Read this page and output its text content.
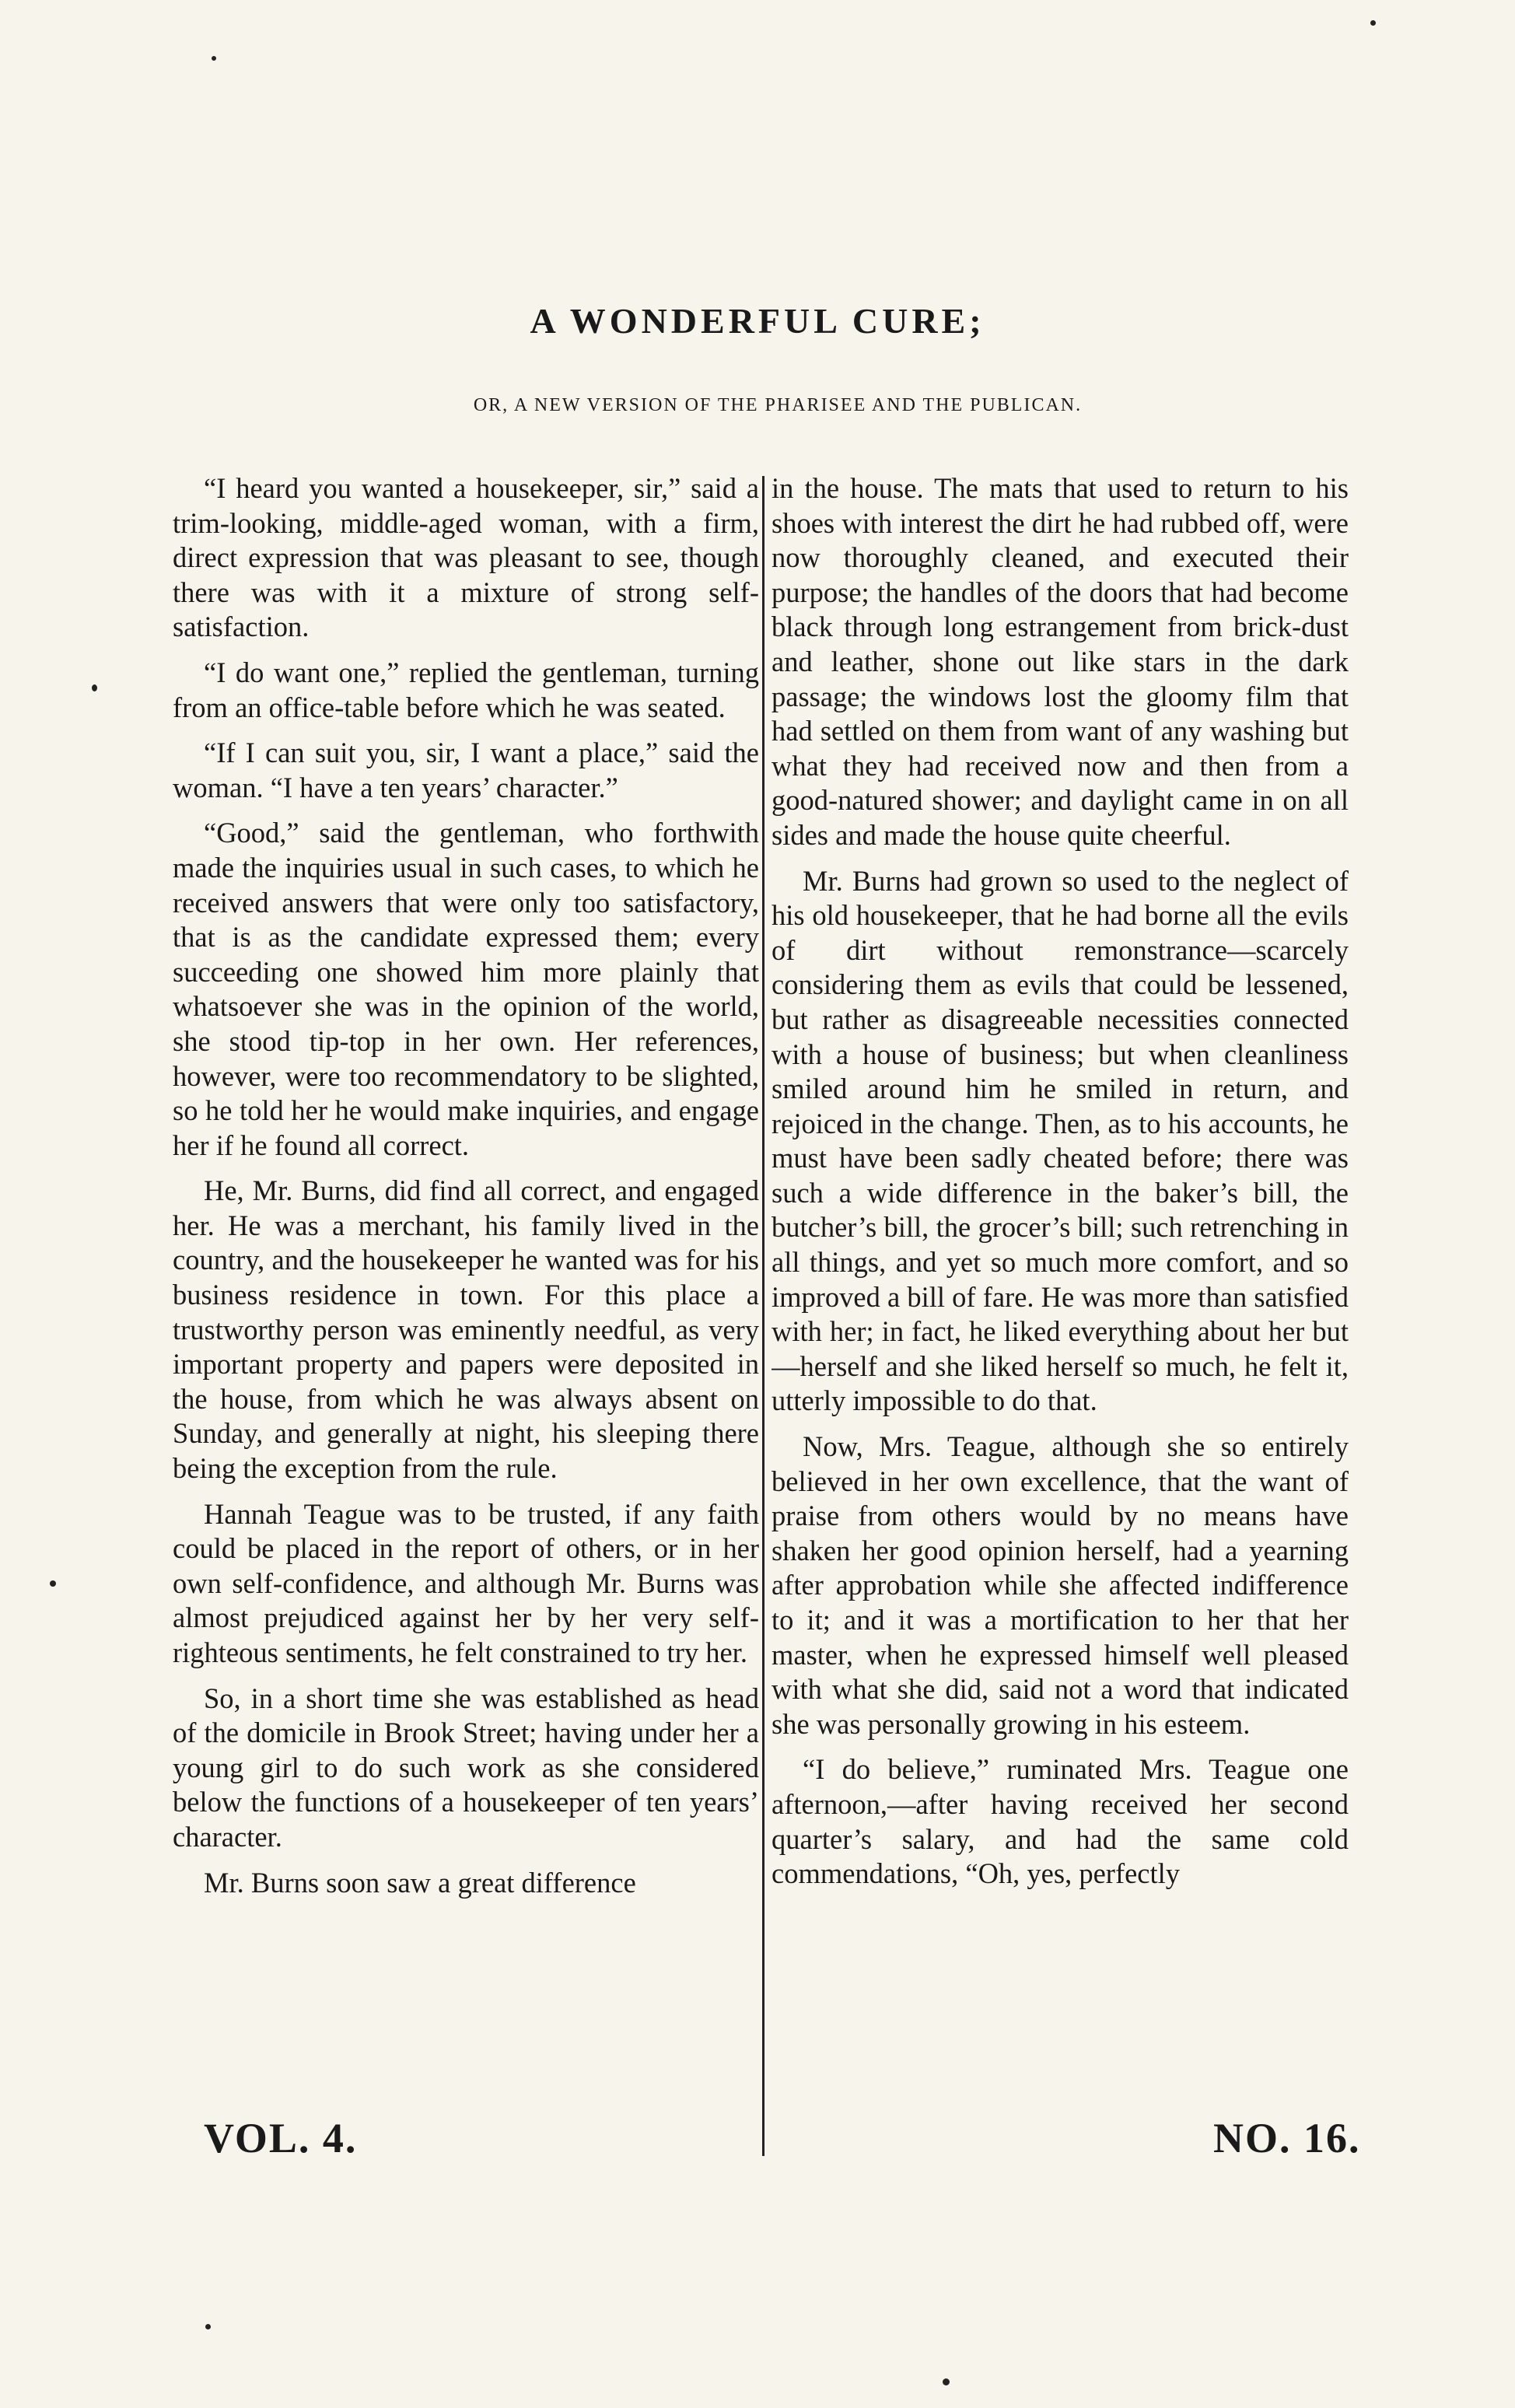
A WONDERFUL CURE;
OR, A NEW VERSION OF THE PHARISEE AND THE PUBLICAN.

“I heard you wanted a housekeeper, sir,” said a trim-looking, middle-aged woman, with a firm, direct expression that was pleasant to see, though there was with it a mixture of strong self-satisfaction.

“I do want one,” replied the gentleman, turning from an office-table before which he was seated.

“If I can suit you, sir, I want a place,” said the woman. “I have a ten years’ character.”

“Good,” said the gentleman, who forthwith made the inquiries usual in such cases, to which he received answers that were only too satisfactory, that is as the candidate expressed them; every succeeding one showed him more plainly that whatsoever she was in the opinion of the world, she stood tip-top in her own. Her references, however, were too recommendatory to be slighted, so he told her he would make inquiries, and engage her if he found all correct.

He, Mr. Burns, did find all correct, and engaged her. He was a merchant, his family lived in the country, and the housekeeper he wanted was for his business residence in town. For this place a trustworthy person was eminently needful, as very important property and papers were deposited in the house, from which he was always absent on Sunday, and generally at night, his sleeping there being the exception from the rule.

Hannah Teague was to be trusted, if any faith could be placed in the report of others, or in her own self-confidence, and although Mr. Burns was almost prejudiced against her by her very self-righteous sentiments, he felt constrained to try her.

So, in a short time she was established as head of the domicile in Brook Street; having under her a young girl to do such work as she considered below the functions of a housekeeper of ten years’ character.

Mr. Burns soon saw a great difference

in the house. The mats that used to return to his shoes with interest the dirt he had rubbed off, were now thoroughly cleaned, and executed their purpose; the handles of the doors that had become black through long estrangement from brick-dust and leather, shone out like stars in the dark passage; the windows lost the gloomy film that had settled on them from want of any washing but what they had received now and then from a good-natured shower; and daylight came in on all sides and made the house quite cheerful.

Mr. Burns had grown so used to the neglect of his old housekeeper, that he had borne all the evils of dirt without remonstrance—scarcely considering them as evils that could be lessened, but rather as disagreeable necessities connected with a house of business; but when cleanliness smiled around him he smiled in return, and rejoiced in the change. Then, as to his accounts, he must have been sadly cheated before; there was such a wide difference in the baker’s bill, the butcher’s bill, the grocer’s bill; such retrenching in all things, and yet so much more comfort, and so improved a bill of fare. He was more than satisfied with her; in fact, he liked everything about her but—herself and she liked herself so much, he felt it, utterly impossible to do that.

Now, Mrs. Teague, although she so entirely believed in her own excellence, that the want of praise from others would by no means have shaken her good opinion herself, had a yearning after approbation while she affected indifference to it; and it was a mortification to her that her master, when he expressed himself well pleased with what she did, said not a word that indicated she was personally growing in his esteem.

“I do believe,” ruminated Mrs. Teague one afternoon,—after having received her second quarter’s salary, and had the same cold commendations, “Oh, yes, perfectly

VOL. 4.	NO. 16.
